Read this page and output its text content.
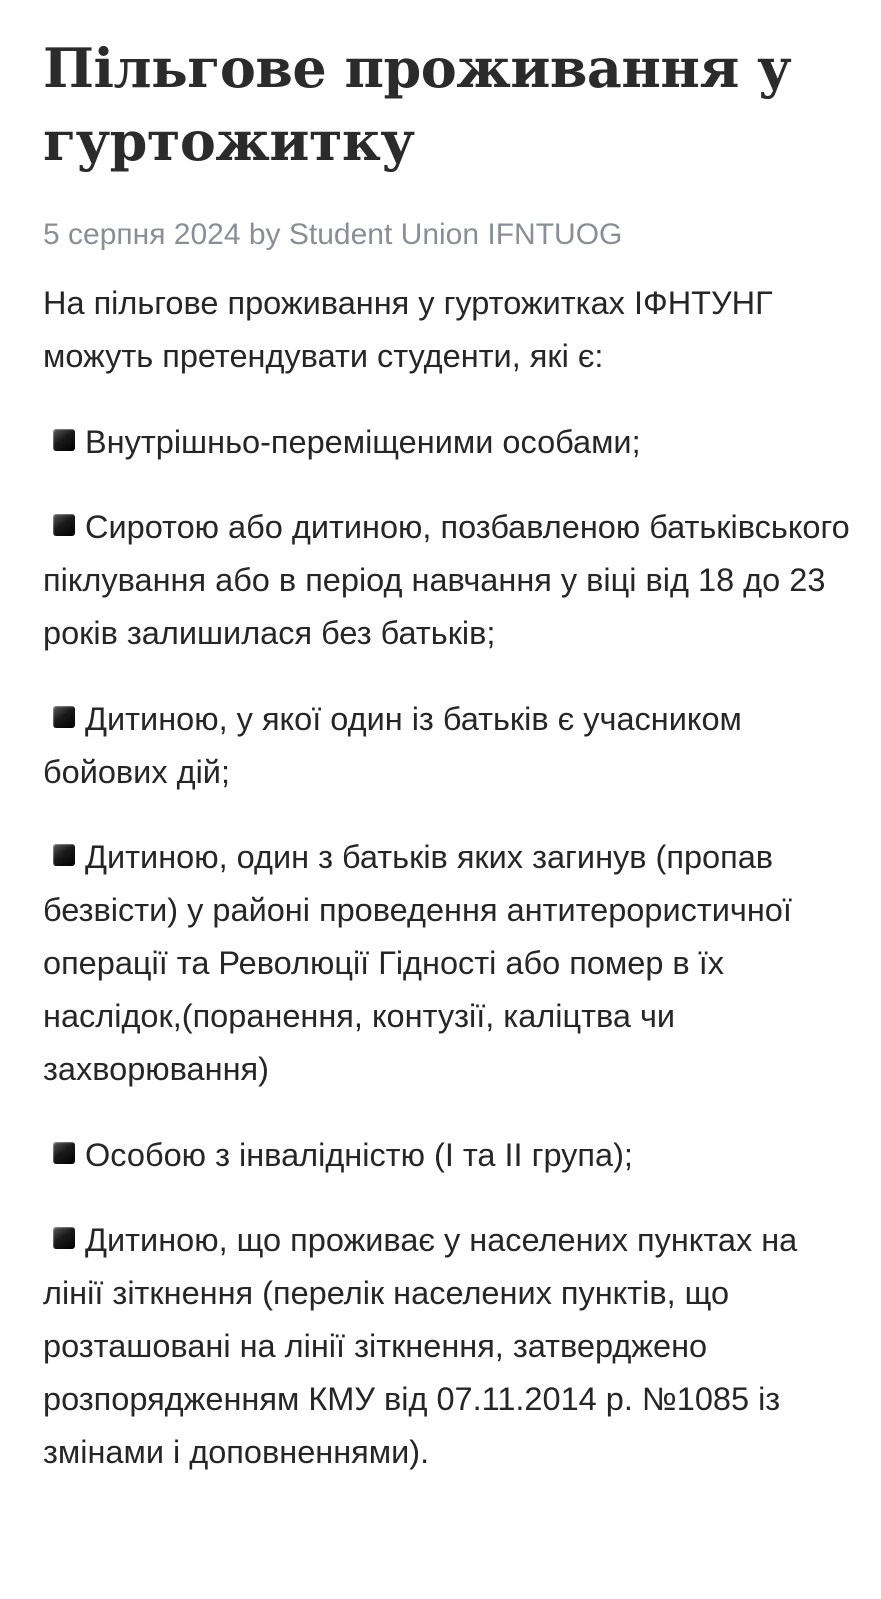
Пільгове проживання у гуртожитку
5 серпня 2024 by Student Union IFNTUOG

На пільгове проживання у гуртожитках ІФНТУНГ можуть претендувати студенти, які є:

Внутрішньо-переміщеними особами;

Сиротою або дитиною, позбавленою батьківського піклування або в період навчання у віці від 18 до 23 років залишилася без батьків;

Дитиною, у якої один із батьків є учасником бойових дій;

Дитиною, один з батьків яких загинув (пропав безвісти) у районі проведення антитерористичної операції та Революції Гідності або помер в їх наслідок,(поранення, контузії, каліцтва чи захворювання)

Особою з інвалідністю (І та ІІ група);

Дитиною, що проживає у населених пунктах на лінії зіткнення (перелік населених пунктів, що розташовані на лінії зіткнення, затверджено розпорядженням КМУ від 07.11.2014 р. №1085 із змінами і доповненнями).
